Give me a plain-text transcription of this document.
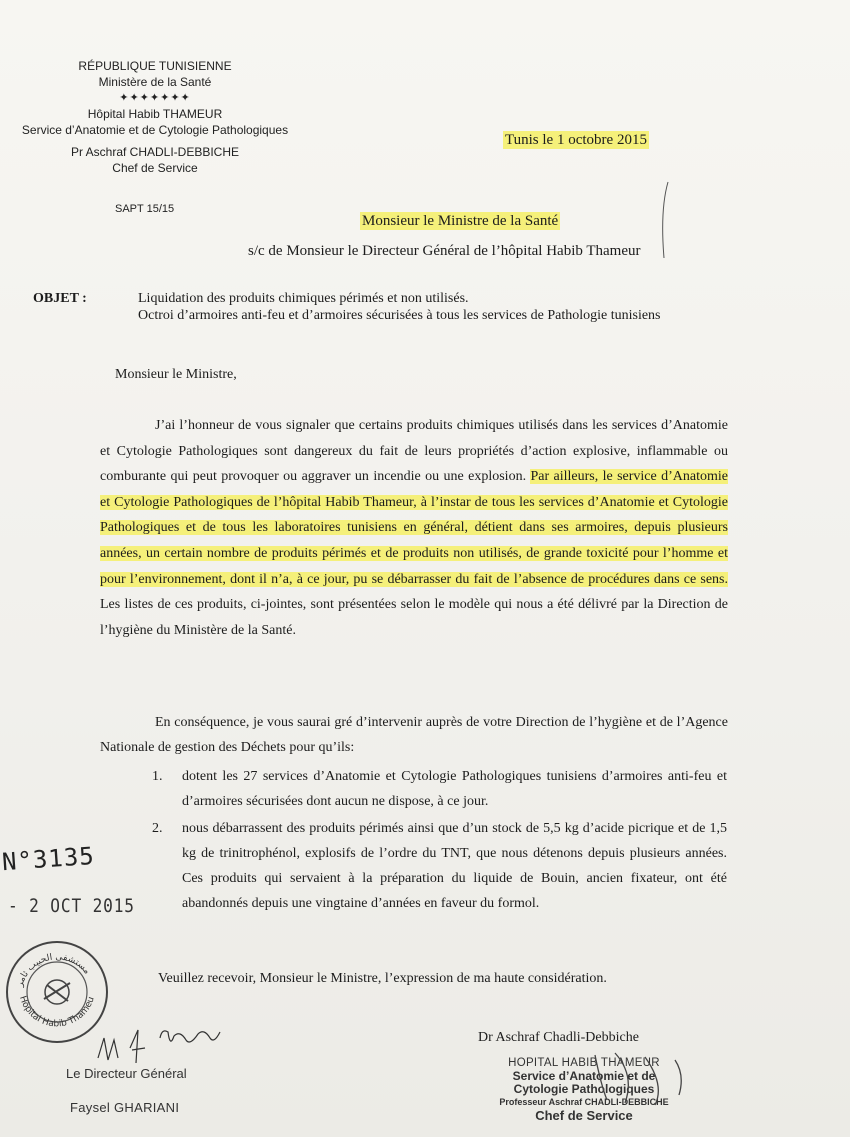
RÉPUBLIQUE TUNISIENNE
Ministère de la Santé
✦✦✦✦✦✦✦
Hôpital Habib THAMEUR
Service d’Anatomie et de Cytologie Pathologiques
Pr Aschraf CHADLI-DEBBICHE
Chef de Service
Tunis le 1 octobre 2015
SAPT 15/15
Monsieur le Ministre de la Santé
s/c de Monsieur le Directeur Général de l’hôpital Habib Thameur
OBJET :	Liquidation des produits chimiques périmés et non utilisés.
Octroi d’armoires anti-feu et d’armoires sécurisées à tous les services de Pathologie tunisiens
Monsieur le Ministre,
J’ai l’honneur de vous signaler que certains produits chimiques utilisés dans les services d’Anatomie et Cytologie Pathologiques sont dangereux du fait de leurs propriétés d’action explosive, inflammable ou comburante qui peut provoquer ou aggraver un incendie ou une explosion. Par ailleurs, le service d’Anatomie et Cytologie Pathologiques de l’hôpital Habib Thameur, à l’instar de tous les services d’Anatomie et Cytologie Pathologiques et de tous les laboratoires tunisiens en général, détient dans ses armoires, depuis plusieurs années, un certain nombre de produits périmés et de produits non utilisés, de grande toxicité pour l’homme et pour l’environnement, dont il n’a, à ce jour, pu se débarrasser du fait de l’absence de procédures dans ce sens. Les listes de ces produits, ci-jointes, sont présentées selon le modèle qui nous a été délivré par la Direction de l’hygiène du Ministère de la Santé.
En conséquence, je vous saurai gré d’intervenir auprès de votre Direction de l’hygiène et de l’Agence Nationale de gestion des Déchets pour qu’ils:
1. dotent les 27 services d’Anatomie et Cytologie Pathologiques tunisiens d’armoires anti-feu et d’armoires sécurisées dont aucun ne dispose, à ce jour.
2. nous débarrassent des produits périmés ainsi que d’un stock de 5,5 kg d’acide picrique et de 1,5 kg de trinitrophénol, explosifs de l’ordre du TNT, que nous détenons depuis plusieurs années. Ces produits qui servaient à la préparation du liquide de Bouin, ancien fixateur, ont été abandonnés depuis une vingtaine d’années en faveur du formol.
Veuillez recevoir, Monsieur le Ministre, l’expression de ma haute considération.
N°3135
- 2 OCT 2015
Hôpital Habib Thameu
مستشفى الحبيب ثامر
Le Directeur Général
Faysel GHARIANI
Dr Aschraf Chadli-Debbiche
HOPITAL HABIB THAMEUR
Service d’Anatomie et de
Cytologie Pathologiques
Professeur Aschraf CHADLI-DEBBICHE
Chef de Service
